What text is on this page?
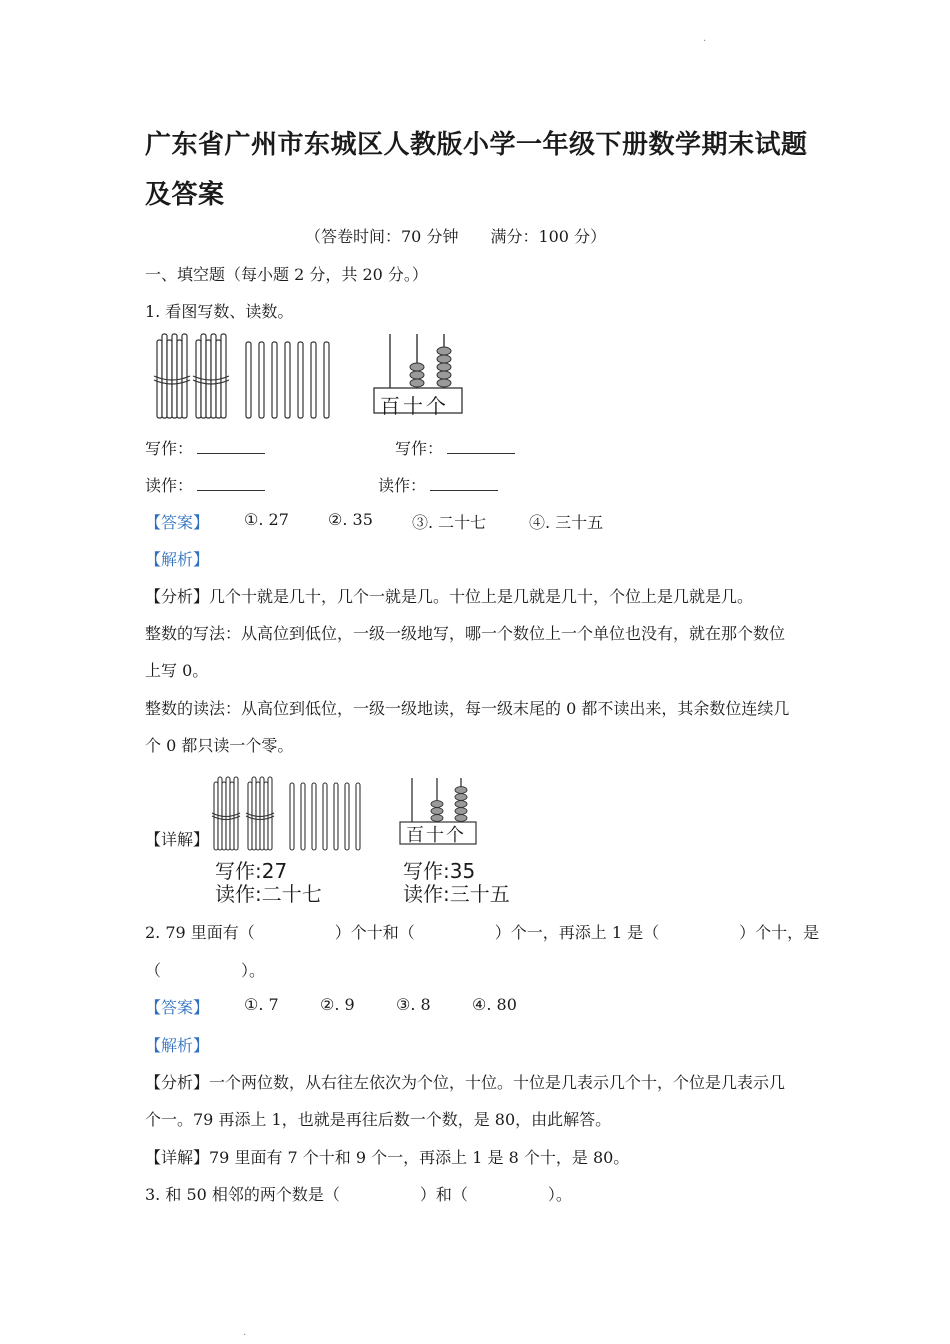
·
广东省广州市东城区人教版小学一年级下册数学期末试题
及答案
（答卷时间：70 分钟　　满分：100 分）
一、填空题（每小题 2 分，共 20 分。）
1. 看图写数、读数。
百十个
写作：	写作：
读作：	读作：
【答案】 ①. 27 ②. 35 ③. 二十七	④. 三十五
【解析】
【分析】几个十就是几十，几个一就是几。十位上是几就是几十，个位上是几就是几。
整数的写法：从高位到低位，一级一级地写，哪一个数位上一个单位也没有，就在那个数位
上写 0。
整数的读法：从高位到低位，一级一级地读，每一级末尾的 0 都不读出来，其余数位连续几
个 0 都只读一个零。
【详解】	百十个
写作:27
读作:二十七
写作:35
读作:三十五
2. 79 里面有（　　　　　）个十和（　　　　　）个一，再添上 1 是（　　　　　）个十，是
（　　　　　）。
【答案】 ①. 7	②. 9	③. 8	④. 80
【解析】
【分析】一个两位数，从右往左依次为个位，十位。十位是几表示几个十，个位是几表示几
个一。79 再添上 1，也就是再往后数一个数，是 80，由此解答。
【详解】79 里面有 7 个十和 9 个一，再添上 1 是 8 个十，是 80。
3. 和 50 相邻的两个数是（　　　　　）和（　　　　　）。
·
